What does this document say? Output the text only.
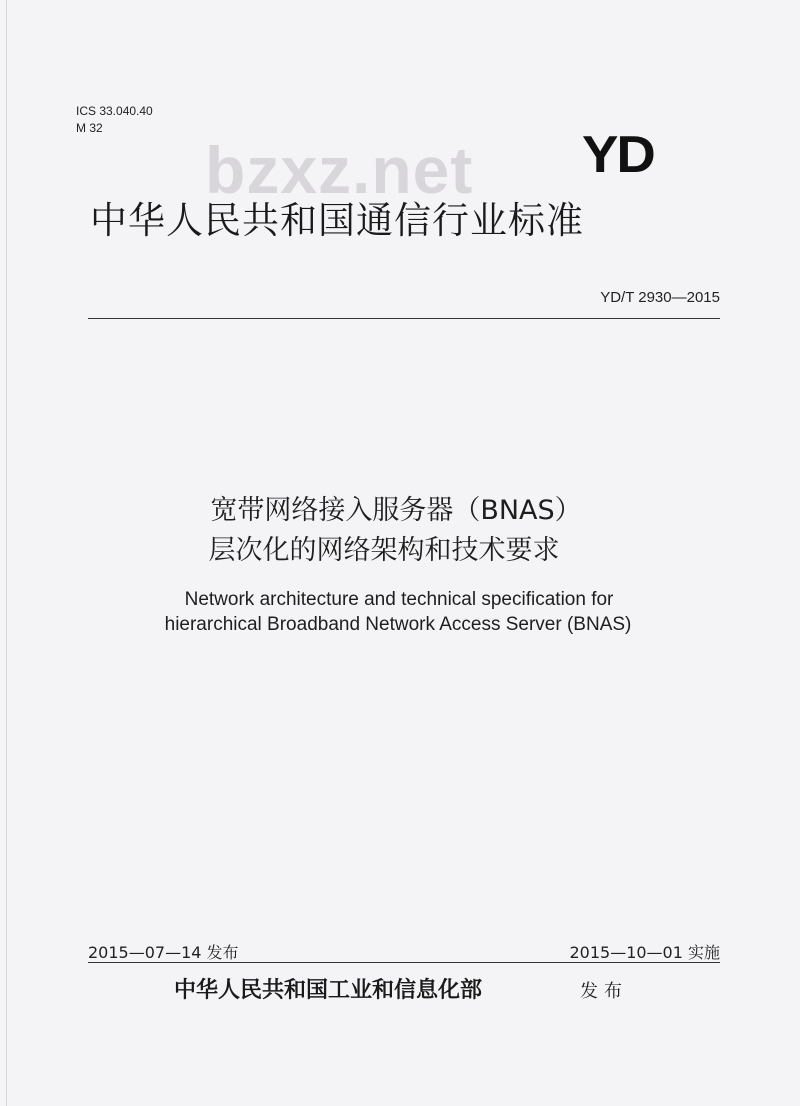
ICS 33.040.40
M 32
bzxz.net YD
中华人民共和国通信行业标准
YD/T 2930—2015
宽带网络接入服务器（BNAS）
层次化的网络架构和技术要求
Network architecture and technical specification for
hierarchical Broadband Network Access Server (BNAS)
2015—07—14 发布	2015—10—01 实施
中华人民共和国工业和信息化部	发布
